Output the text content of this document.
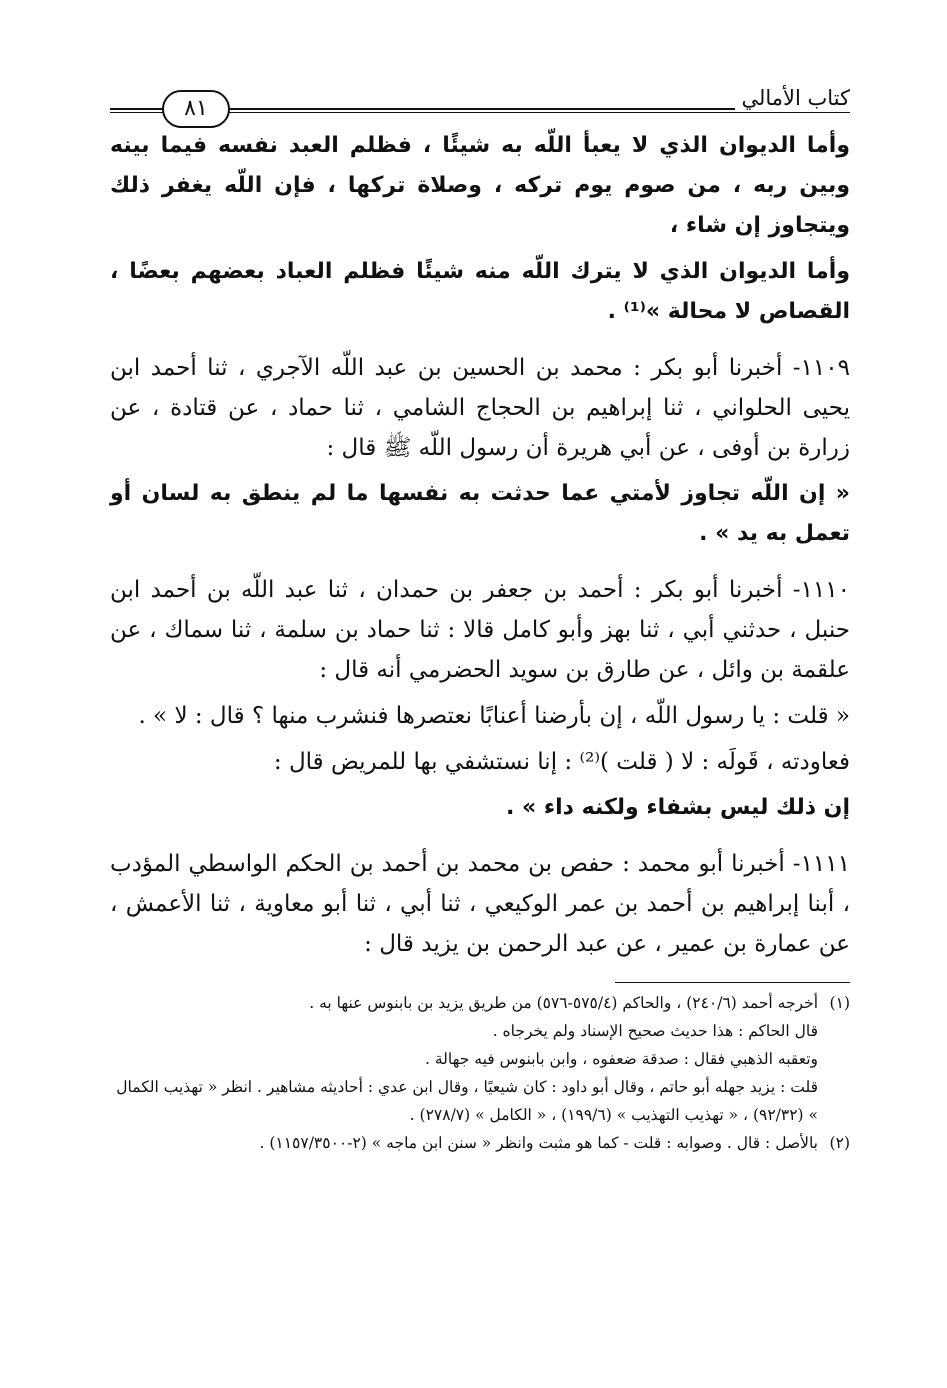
كتاب الأمالي
٨١

وأما الديوان الذي لا يعبأ اللّه به شيئًا ، فظلم العبد نفسه فيما بينه وبين ربه ، من صوم يوم تركه ، وصلاة تركها ، فإن اللّه يغفر ذلك ويتجاوز إن شاء ،

وأما الديوان الذي لا يترك اللّه منه شيئًا فظلم العباد بعضهم بعضًا ، القصاص لا محالة »⁽¹⁾ .

١١٠٩- أخبرنا أبو بكر : محمد بن الحسين بن عبد اللّه الآجري ، ثنا أحمد ابن يحيى الحلواني ، ثنا إبراهيم بن الحجاج الشامي ، ثنا حماد ، عن قتادة ، عن زرارة بن أوفى ، عن أبي هريرة أن رسول اللّه ﷺ قال :

« إن اللّه تجاوز لأمتي عما حدثت به نفسها ما لم ينطق به لسان أو تعمل به يد » .

١١١٠- أخبرنا أبو بكر : أحمد بن جعفر بن حمدان ، ثنا عبد اللّه بن أحمد ابن حنبل ، حدثني أبي ، ثنا بهز وأبو كامل قالا : ثنا حماد بن سلمة ، ثنا سماك ، عن علقمة بن وائل ، عن طارق بن سويد الحضرمي أنه قال :

« قلت : يا رسول اللّه ، إن بأرضنا أعنابًا نعتصرها فنشرب منها ؟ قال : لا » .

فعاودته ، قَولَه : لا ( قلت )⁽²⁾ : إنا نستشفي بها للمريض قال :

إن ذلك ليس بشفاء ولكنه داء » .

١١١١- أخبرنا أبو محمد : حفص بن محمد بن أحمد بن الحكم الواسطي المؤدب ، أبنا إبراهيم بن أحمد بن عمر الوكيعي ، ثنا أبي ، ثنا أبو معاوية ، ثنا الأعمش ، عن عمارة بن عمير ، عن عبد الرحمن بن يزيد قال :

(١)أخرجه أحمد (٢٤٠/٦) ، والحاكم (٥٧٥/٤-٥٧٦) من طريق يزيد بن بابنوس عنها به .

قال الحاكم : هذا حديث صحيح الإسناد ولم يخرجاه .

وتعقبه الذهبي فقال : صدقة ضعفوه ، وابن بابنوس فيه جهالة .

قلت : يزيد جهله أبو حاتم ، وقال أبو داود : كان شيعيًا ، وقال ابن عدي : أحاديثه مشاهير . انظر « تهذيب الكمال » (٩٢/٣٢) ، « تهذيب التهذيب » (١٩٩/٦) ، « الكامل » (٢٧٨/٧) .

(٢)بالأصل : قال . وصوابه : قلت - كما هو مثبت وانظر « سنن ابن ماجه » (٢-١١٥٧/٣٥٠٠) .
